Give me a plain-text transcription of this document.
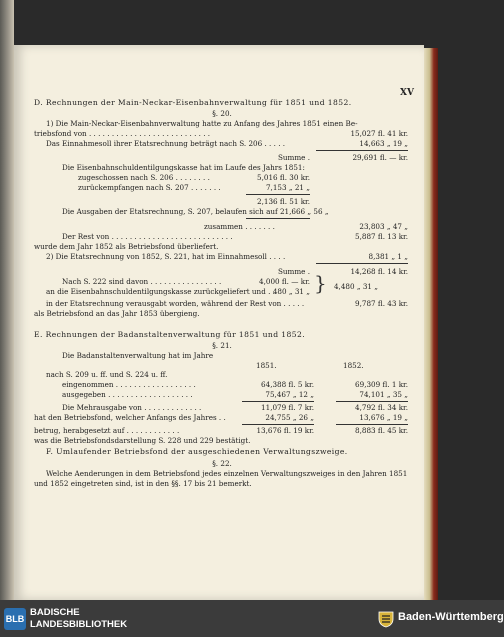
XV
D. Rechnungen der Main-Neckar-Eisenbahnverwaltung für 1851 und 1852.
§. 20.
1) Die Main-Neckar-Eisenbahnverwaltung hatte zu Anfang des Jahres 1851 einen Be-
triebsfond von . . . . . . . . . . . . . . . . . . . . . . . . . . .	15,027 fl. 41 kr.
Das Einnahmesoll ihrer Etatsrechnung beträgt nach S. 206 . . . . .	14,663 „ 19 „
Summe .	29,691 fl. — kr.
Die Eisenbahnschuldentilgungskasse hat im Laufe des Jahrs 1851:
zugeschossen nach S. 206 . . . . . . . .	5,016 fl. 30 kr.
zurückempfangen nach S. 207 . . . . . . .	7,153 „ 21 „
2,136 fl. 51 kr.
Die Ausgaben der Etatsrechnung, S. 207, belaufen sich auf 21,666 „ 56 „
zusammen . . . . . . .	23,803 „ 47 „
Der Rest von . . . . . . . . . . . . . . . . . . . . . . . . . . .	5,887 fl. 13 kr.
wurde dem Jahr 1852 als Betriebsfond überliefert.
2) Die Etatsrechnung von 1852, S. 221, hat im Einnahmesoll . . . .	8,381 „ 1 „
Summe .	14,268 fl. 14 kr.
Nach S. 222 sind davon . . . . . . . . . . . . . . . .	4,000 fl. — kr.
an die Eisenbahnschuldentilgungskasse zurückgeliefert und . .
480 „ 31 „ }	4,480 „ 31 „
in der Etatsrechnung verausgabt worden, während der Rest von . . . . .	9,787 fl. 43 kr.
als Betriebsfond an das Jahr 1853 übergieng.
E. Rechnungen der Badanstaltenverwaltung für 1851 und 1852.
§. 21.
Die Badanstaltenverwaltung hat im Jahre
1851.	1852.
nach S. 209 u. ff. und S. 224 u. ff.
eingenommen . . . . . . . . . . . . . . . . . .	64,388 fl. 5 kr.	69,309 fl. 1 kr.
ausgegeben . . . . . . . . . . . . . . . . . . .	75,467 „ 12 „	74,101 „ 35 „
Die Mehrausgabe von . . . . . . . . . . . . .	11,079 fl. 7 kr.	4,792 fl. 34 kr.
hat den Betriebsfond, welcher Anfangs des Jahres . .	24,755 „ 26 „	13,676 „ 19 „
betrug, herabgesetzt auf . . . . . . . . . . . .	13,676 fl. 19 kr.	8,883 fl. 45 kr.
was die Betriebsfondsdarstellung S. 228 und 229 bestätigt.
F. Umlaufender Betriebsfond der ausgeschiedenen Verwaltungszweige.
§. 22.
Welche Aenderungen in dem Betriebsfond jedes einzelnen Verwaltungszweiges in den Jahren 1851
und 1852 eingetreten sind, ist in den §§. 17 bis 21 bemerkt.
BLB
BADISCHE
LANDESBIBLIOTHEK
Baden-Württemberg
